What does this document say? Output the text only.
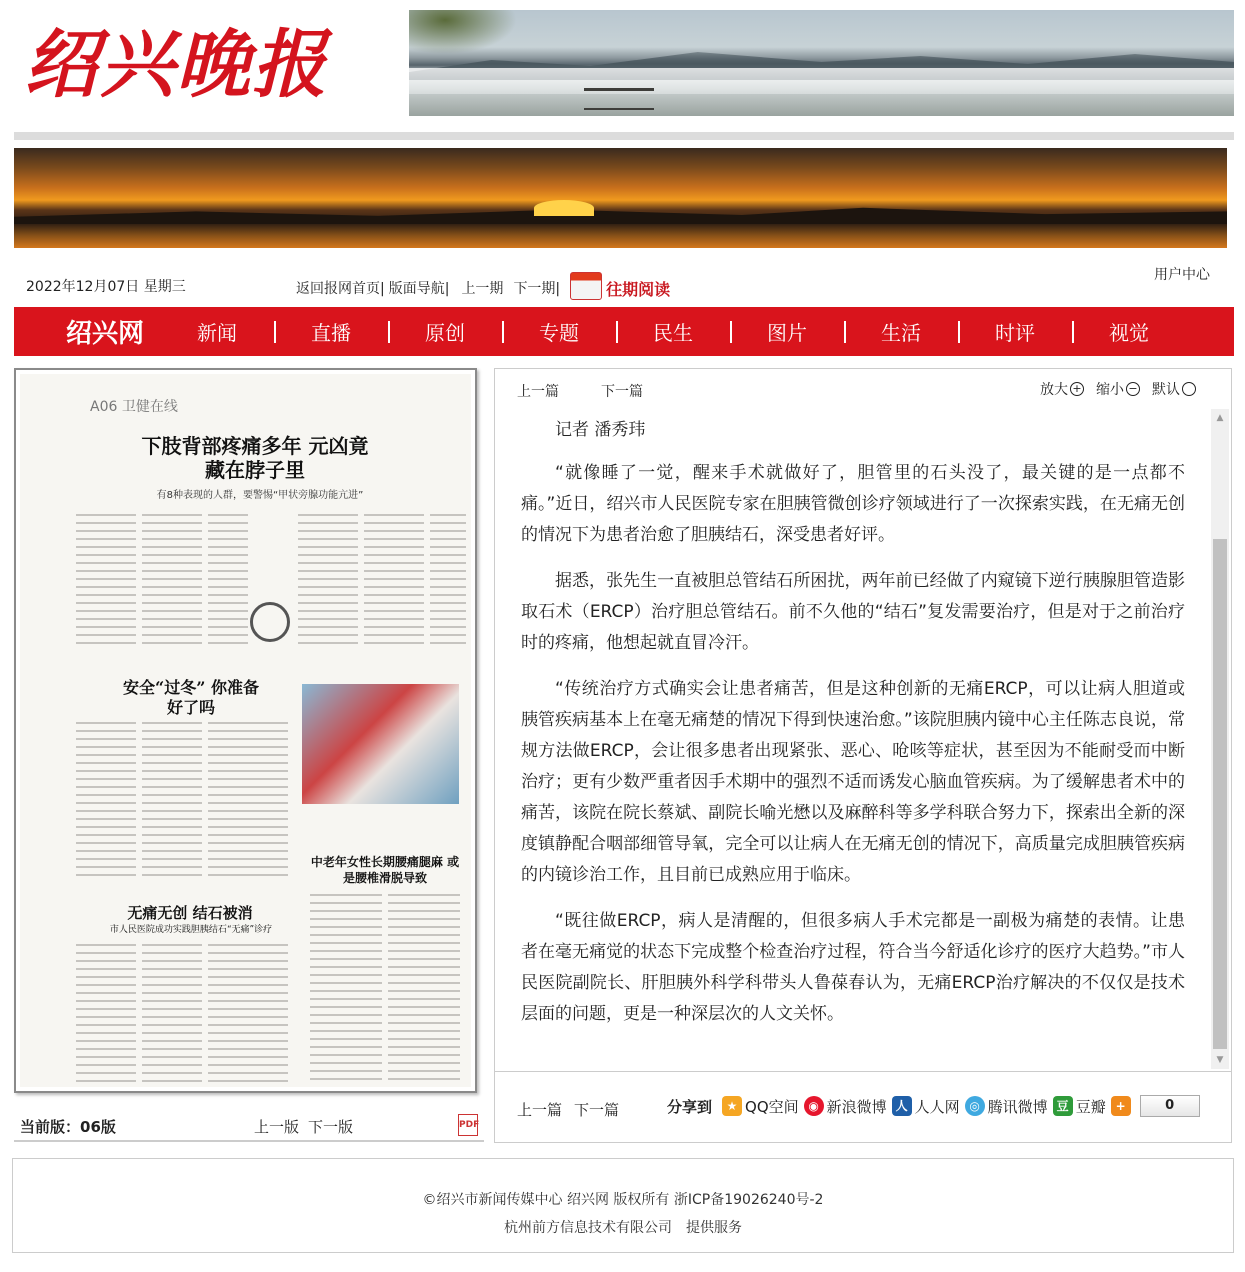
绍兴晚报
2022年12月07日 星期三	返回报网首页| 版面导航| 上一期 下一期|	往期阅读
用户中心
绍兴网	新闻	直播	原创	专题	民生	图片	生活	时评	视觉
A06 卫健在线
下肢背部疼痛多年 元凶竟藏在脖子里
有8种表现的人群，要警惕“甲状旁腺功能亢进”
安全“过冬” 你准备好了吗
中老年女性长期腰痛腿麻 或是腰椎滑脱导致
无痛无创 结石被消
市人民医院成功实践胆胰结石“无痛”诊疗
当前版：06版	上一版 下一版	PDF
上一篇	下一篇	放大 + 缩小 − 默认

记者 潘秀玮

“就像睡了一觉，醒来手术就做好了，胆管里的石头没了，最关键的是一点都不痛。”近日，绍兴市人民医院专家在胆胰管微创诊疗领域进行了一次探索实践，在无痛无创的情况下为患者治愈了胆胰结石，深受患者好评。

据悉，张先生一直被胆总管结石所困扰，两年前已经做了内窥镜下逆行胰腺胆管造影取石术（ERCP）治疗胆总管结石。前不久他的“结石”复发需要治疗，但是对于之前治疗时的疼痛，他想起就直冒冷汗。

“传统治疗方式确实会让患者痛苦，但是这种创新的无痛ERCP，可以让病人胆道或胰管疾病基本上在毫无痛楚的情况下得到快速治愈。”该院胆胰内镜中心主任陈志良说，常规方法做ERCP，会让很多患者出现紧张、恶心、呛咳等症状，甚至因为不能耐受而中断治疗；更有少数严重者因手术期中的强烈不适而诱发心脑血管疾病。为了缓解患者术中的痛苦，该院在院长蔡斌、副院长喻光懋以及麻醉科等多学科联合努力下，探索出全新的深度镇静配合咽部细管导氧，完全可以让病人在无痛无创的情况下，高质量完成胆胰管疾病的内镜诊治工作，且目前已成熟应用于临床。

“既往做ERCP，病人是清醒的，但很多病人手术完都是一副极为痛楚的表情。让患者在毫无痛觉的状态下完成整个检查治疗过程，符合当今舒适化诊疗的医疗大趋势。”市人民医院副院长、肝胆胰外科学科带头人鲁葆春认为，无痛ERCP治疗解决的不仅仅是技术层面的问题，更是一种深层次的人文关怀。

▲
▼
上一篇 下一篇	分享到	★ QQ空间 ◉ 新浪微博 人 人人网 ◎ 腾讯微博 豆 豆瓣 +	0
©绍兴市新闻传媒中心 绍兴网 版权所有 浙ICP备19026240号-2
杭州前方信息技术有限公司　提供服务
